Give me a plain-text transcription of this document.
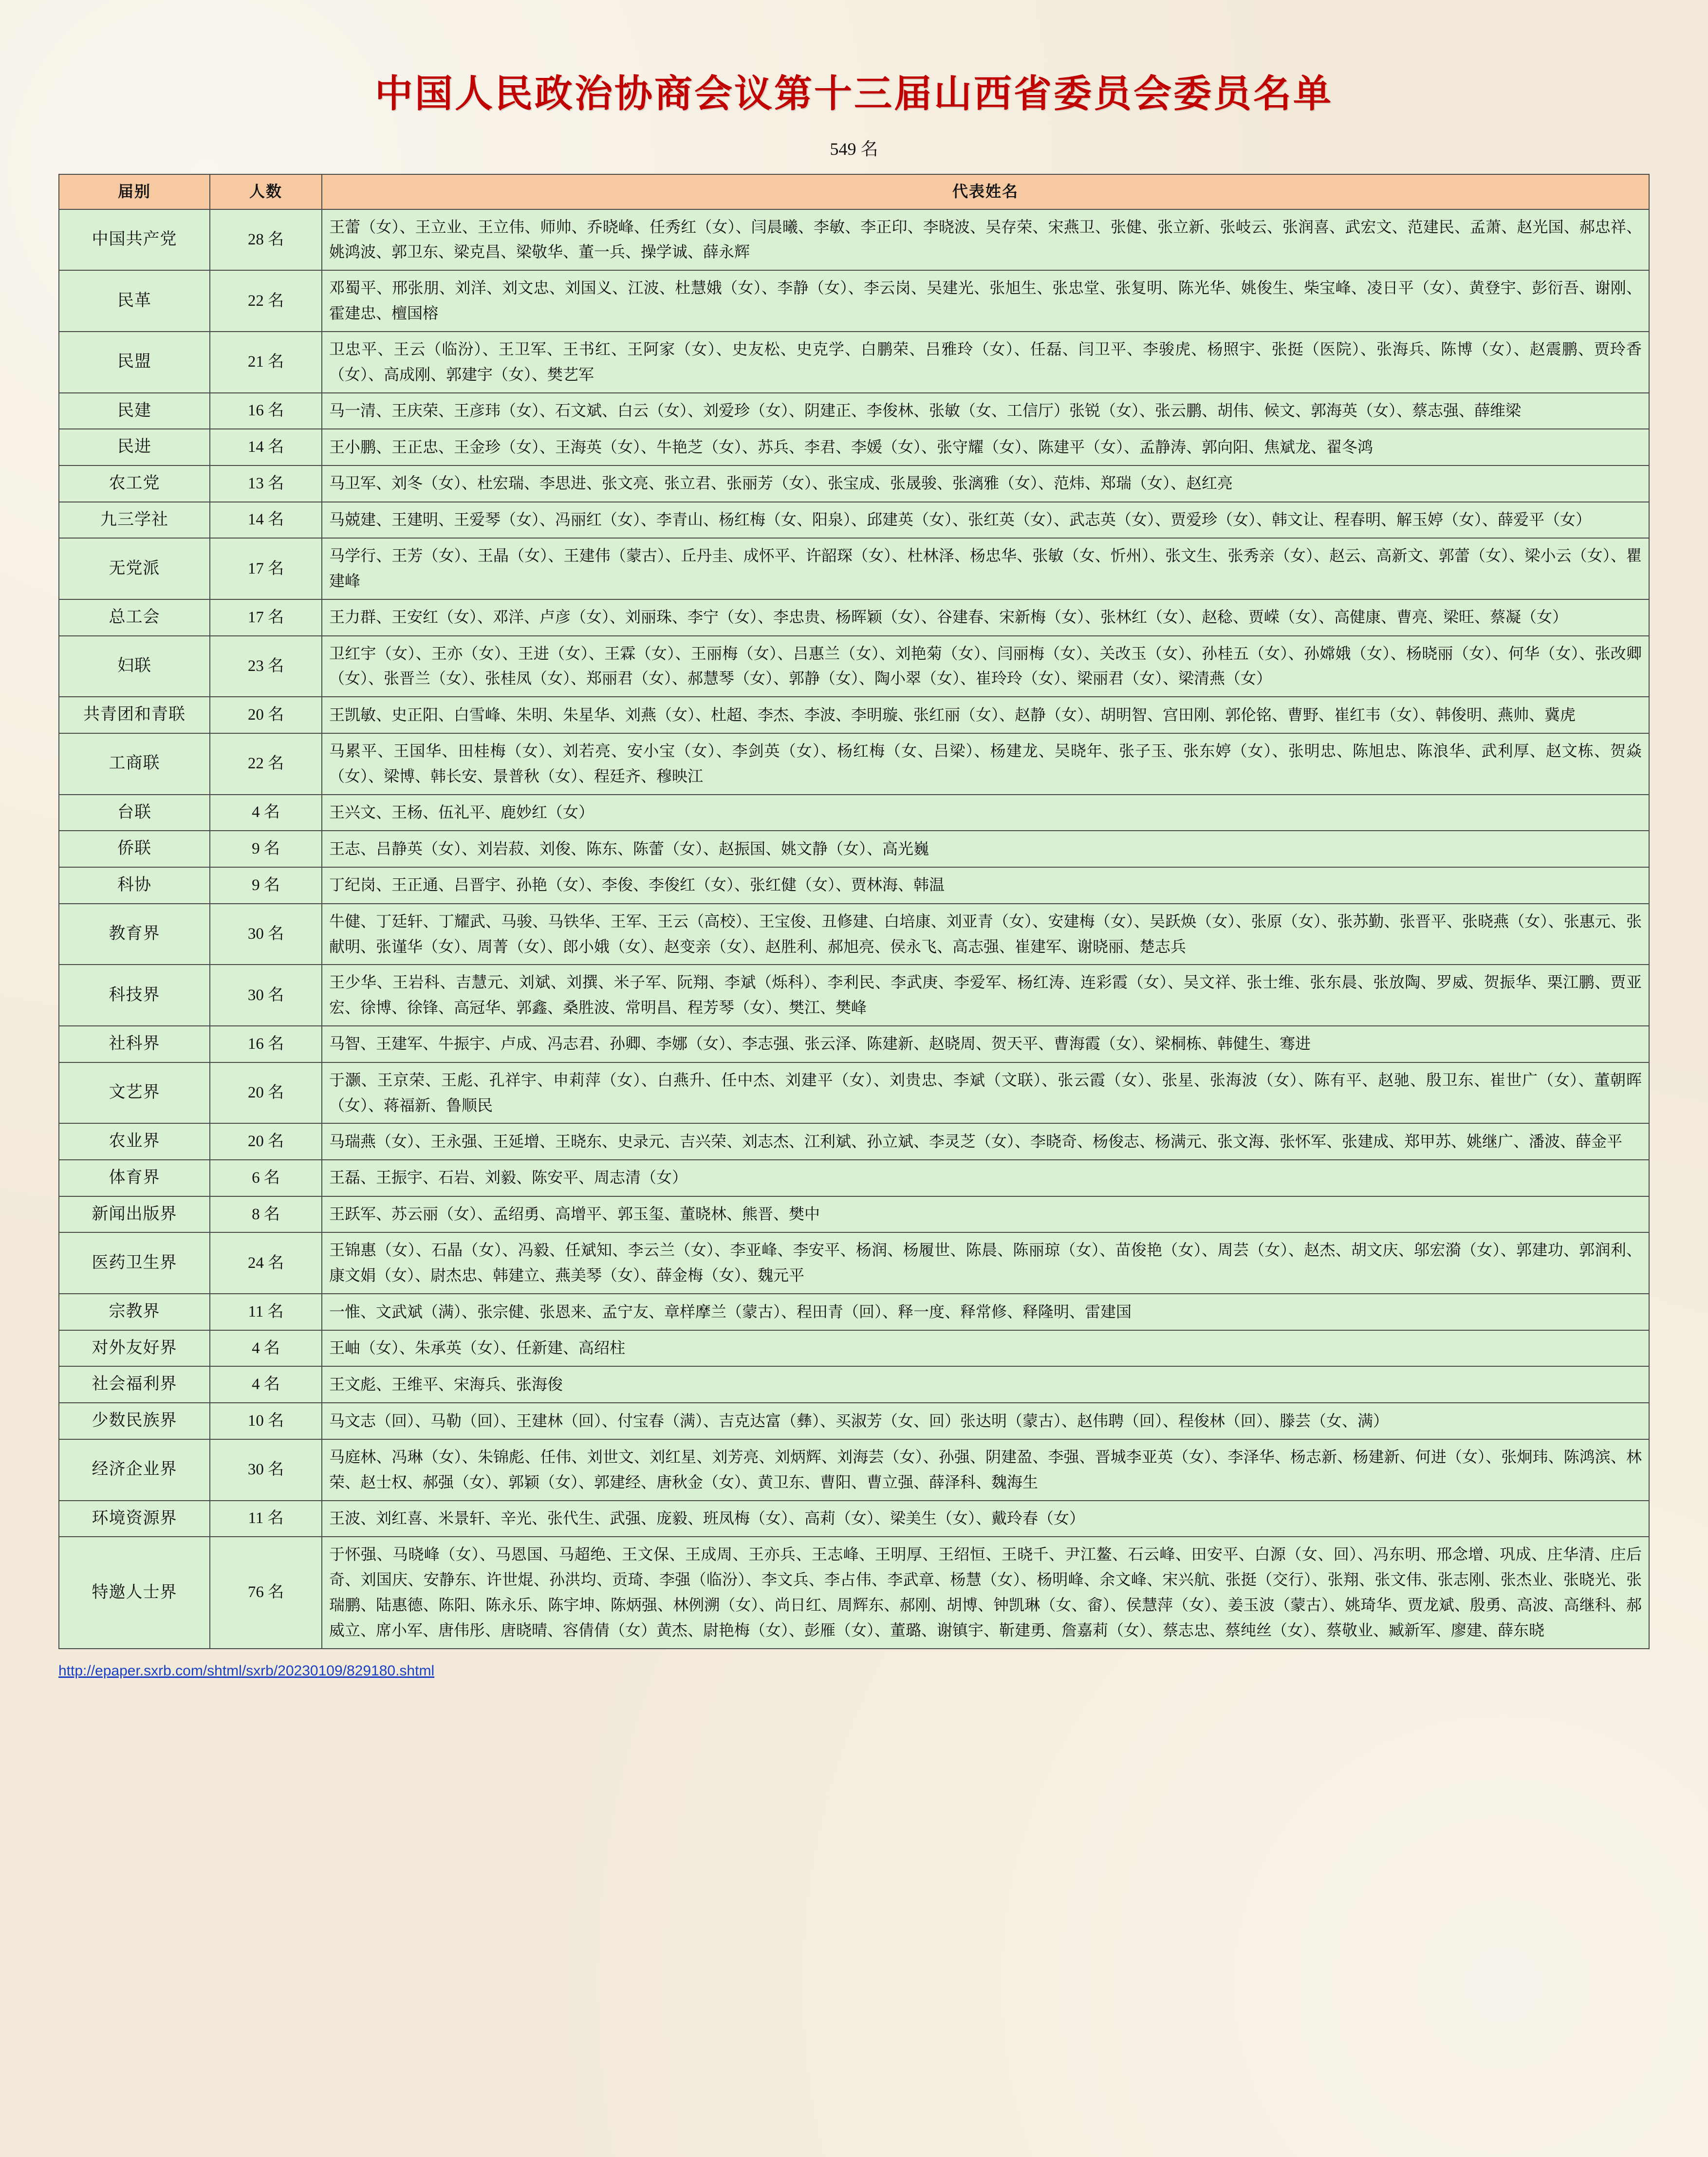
中国人民政治协商会议第十三届山西省委员会委员名单
549 名
届别	人数	代表姓名
中国共产党	28 名	王蕾（女）、王立业、王立伟、师帅、乔晓峰、任秀红（女）、闫晨曦、李敏、李正印、李晓波、吴存荣、宋燕卫、张健、张立新、张岐云、张润喜、武宏文、范建民、孟萧、赵光国、郝忠祥、姚鸿波、郭卫东、梁克昌、梁敬华、董一兵、操学诚、薛永辉
民革	22 名	邓蜀平、邢张朋、刘洋、刘文忠、刘国义、江波、杜慧娥（女）、李静（女）、李云岗、吴建光、张旭生、张忠堂、张复明、陈光华、姚俊生、柴宝峰、凌日平（女）、黄登宇、彭衍吾、谢刚、霍建忠、檀国榕
民盟	21 名	卫忠平、王云（临汾）、王卫军、王书红、王阿家（女）、史友松、史克学、白鹏荣、吕雅玲（女）、任磊、闫卫平、李骏虎、杨照宇、张挺（医院）、张海兵、陈博（女）、赵震鹏、贾玲香（女）、高成刚、郭建宇（女）、樊艺军
民建	16 名	马一清、王庆荣、王彦玮（女）、石文斌、白云（女）、刘爱珍（女）、阴建正、李俊林、张敏（女、工信厅）张锐（女）、张云鹏、胡伟、候文、郭海英（女）、蔡志强、薛维梁
民进	14 名	王小鹏、王正忠、王金珍（女）、王海英（女）、牛艳芝（女）、苏兵、李君、李媛（女）、张守耀（女）、陈建平（女）、孟静涛、郭向阳、焦斌龙、翟冬鸿
农工党	13 名	马卫军、刘冬（女）、杜宏瑞、李思进、张文亮、张立君、张丽芳（女）、张宝成、张晟骏、张漓雅（女）、范炜、郑瑞（女）、赵红亮
九三学社	14 名	马兢建、王建明、王爱琴（女）、冯丽红（女）、李青山、杨红梅（女、阳泉）、邱建英（女）、张红英（女）、武志英（女）、贾爱珍（女）、韩文让、程春明、解玉婷（女）、薛爱平（女）
无党派	17 名	马学行、王芳（女）、王晶（女）、王建伟（蒙古）、丘丹圭、成怀平、许韶琛（女）、杜林泽、杨忠华、张敏（女、忻州）、张文生、张秀亲（女）、赵云、高新文、郭蕾（女）、梁小云（女）、瞿建峰
总工会	17 名	王力群、王安红（女）、邓洋、卢彦（女）、刘丽珠、李宁（女）、李忠贵、杨晖颖（女）、谷建春、宋新梅（女）、张林红（女）、赵稔、贾嵘（女）、高健康、曹亮、梁旺、蔡凝（女）
妇联	23 名	卫红宇（女）、王亦（女）、王进（女）、王霖（女）、王丽梅（女）、吕惠兰（女）、刘艳菊（女）、闫丽梅（女）、关改玉（女）、孙桂五（女）、孙嫦娥（女）、杨晓丽（女）、何华（女）、张改卿（女）、张晋兰（女）、张桂凤（女）、郑丽君（女）、郝慧琴（女）、郭静（女）、陶小翠（女）、崔玲玲（女）、梁丽君（女）、梁清燕（女）
共青团和青联	20 名	王凯敏、史正阳、白雪峰、朱明、朱星华、刘燕（女）、杜超、李杰、李波、李明璇、张红丽（女）、赵静（女）、胡明智、宫田刚、郭伦铭、曹野、崔红韦（女）、韩俊明、燕帅、冀虎
工商联	22 名	马累平、王国华、田桂梅（女）、刘若亮、安小宝（女）、李剑英（女）、杨红梅（女、吕梁）、杨建龙、吴晓年、张子玉、张东婷（女）、张明忠、陈旭忠、陈浪华、武利厚、赵文栋、贺焱（女）、梁博、韩长安、景普秋（女）、程廷齐、穆映江
台联	4 名	王兴文、王杨、伍礼平、鹿妙红（女）
侨联	9 名	王志、吕静英（女）、刘岩菽、刘俊、陈东、陈蕾（女）、赵振国、姚文静（女）、高光巍
科协	9 名	丁纪岗、王正通、吕晋宇、孙艳（女）、李俊、李俊红（女）、张红健（女）、贾林海、韩温
教育界	30 名	牛健、丁廷轩、丁耀武、马骏、马铁华、王军、王云（高校）、王宝俊、丑修建、白培康、刘亚青（女）、安建梅（女）、吴跃焕（女）、张原（女）、张苏勤、张晋平、张晓燕（女）、张惠元、张献明、张谨华（女）、周菁（女）、郎小娥（女）、赵变亲（女）、赵胜利、郝旭亮、侯永飞、高志强、崔建军、谢晓丽、楚志兵
科技界	30 名	王少华、王岩科、吉慧元、刘斌、刘撰、米子军、阮翔、李斌（烁科）、李利民、李武庚、李爱军、杨红涛、连彩霞（女）、吴文祥、张士维、张东晨、张放陶、罗威、贺振华、栗江鹏、贾亚宏、徐博、徐锋、高冠华、郭鑫、桑胜波、常明昌、程芳琴（女）、樊江、樊峰
社科界	16 名	马智、王建军、牛振宇、卢成、冯志君、孙卿、李娜（女）、李志强、张云泽、陈建新、赵晓周、贺天平、曹海霞（女）、梁桐栋、韩健生、骞进
文艺界	20 名	于灏、王京荣、王彪、孔祥宇、申莉萍（女）、白燕升、任中杰、刘建平（女）、刘贵忠、李斌（文联）、张云霞（女）、张星、张海波（女）、陈有平、赵驰、殷卫东、崔世广（女）、董朝晖（女）、蒋福新、鲁顺民
农业界	20 名	马瑞燕（女）、王永强、王延增、王晓东、史录元、吉兴荣、刘志杰、江利斌、孙立斌、李灵芝（女）、李晓奇、杨俊志、杨满元、张文海、张怀军、张建成、郑甲苏、姚继广、潘波、薛金平
体育界	6 名	王磊、王振宇、石岩、刘毅、陈安平、周志清（女）
新闻出版界	8 名	王跃军、苏云丽（女）、孟绍勇、高增平、郭玉玺、董晓林、熊晋、樊中
医药卫生界	24 名	王锦惠（女）、石晶（女）、冯毅、任斌知、李云兰（女）、李亚峰、李安平、杨润、杨履世、陈晨、陈丽琼（女）、苗俊艳（女）、周芸（女）、赵杰、胡文庆、邬宏漪（女）、郭建功、郭润利、康文娟（女）、尉杰忠、韩建立、燕美琴（女）、薛金梅（女）、魏元平
宗教界	11 名	一惟、文武斌（满）、张宗健、张恩来、孟宁友、章样摩兰（蒙古）、程田青（回）、释一度、释常修、释隆明、雷建国
对外友好界	4 名	王岫（女）、朱承英（女）、任新建、高绍柱
社会福利界	4 名	王文彪、王维平、宋海兵、张海俊
少数民族界	10 名	马文志（回）、马勒（回）、王建林（回）、付宝春（满）、吉克达富（彝）、买淑芳（女、回）张达明（蒙古）、赵伟聘（回）、程俊林（回）、滕芸（女、满）
经济企业界	30 名	马庭林、冯琳（女）、朱锦彪、任伟、刘世文、刘红星、刘芳亮、刘炳辉、刘海芸（女）、孙强、阴建盈、李强、晋城李亚英（女）、李泽华、杨志新、杨建新、何进（女）、张炯玮、陈鸿滨、林荣、赵士权、郝强（女）、郭颖（女）、郭建经、唐秋金（女）、黄卫东、曹阳、曹立强、薛泽科、魏海生
环境资源界	11 名	王波、刘红喜、米景轩、辛光、张代生、武强、庞毅、班凤梅（女）、高莉（女）、梁美生（女）、戴玲春（女）
特邀人士界	76 名	于怀强、马晓峰（女）、马恩国、马超绝、王文保、王成周、王亦兵、王志峰、王明厚、王绍恒、王晓千、尹江鳌、石云峰、田安平、白源（女、回）、冯东明、邢念增、巩成、庄华清、庄后奇、刘国庆、安静东、许世焜、孙洪均、贡琦、李强（临汾）、李文兵、李占伟、李武章、杨慧（女）、杨明峰、余文峰、宋兴航、张挺（交行）、张翔、张文伟、张志刚、张杰业、张晓光、张瑞鹏、陆惠德、陈阳、陈永乐、陈宇坤、陈炳强、林例溯（女）、尚日红、周辉东、郝刚、胡博、钟凯琳（女、畲）、侯慧萍（女）、姜玉波（蒙古）、姚琦华、贾龙斌、殷勇、高波、高继科、郝威立、席小军、唐伟彤、唐晓晴、容倩倩（女）黄杰、尉艳梅（女）、彭雁（女）、董璐、谢镇宇、靳建勇、詹嘉莉（女）、蔡志忠、蔡纯丝（女）、蔡敬业、臧新军、廖建、薛东晓
http://epaper.sxrb.com/shtml/sxrb/20230109/829180.shtml
